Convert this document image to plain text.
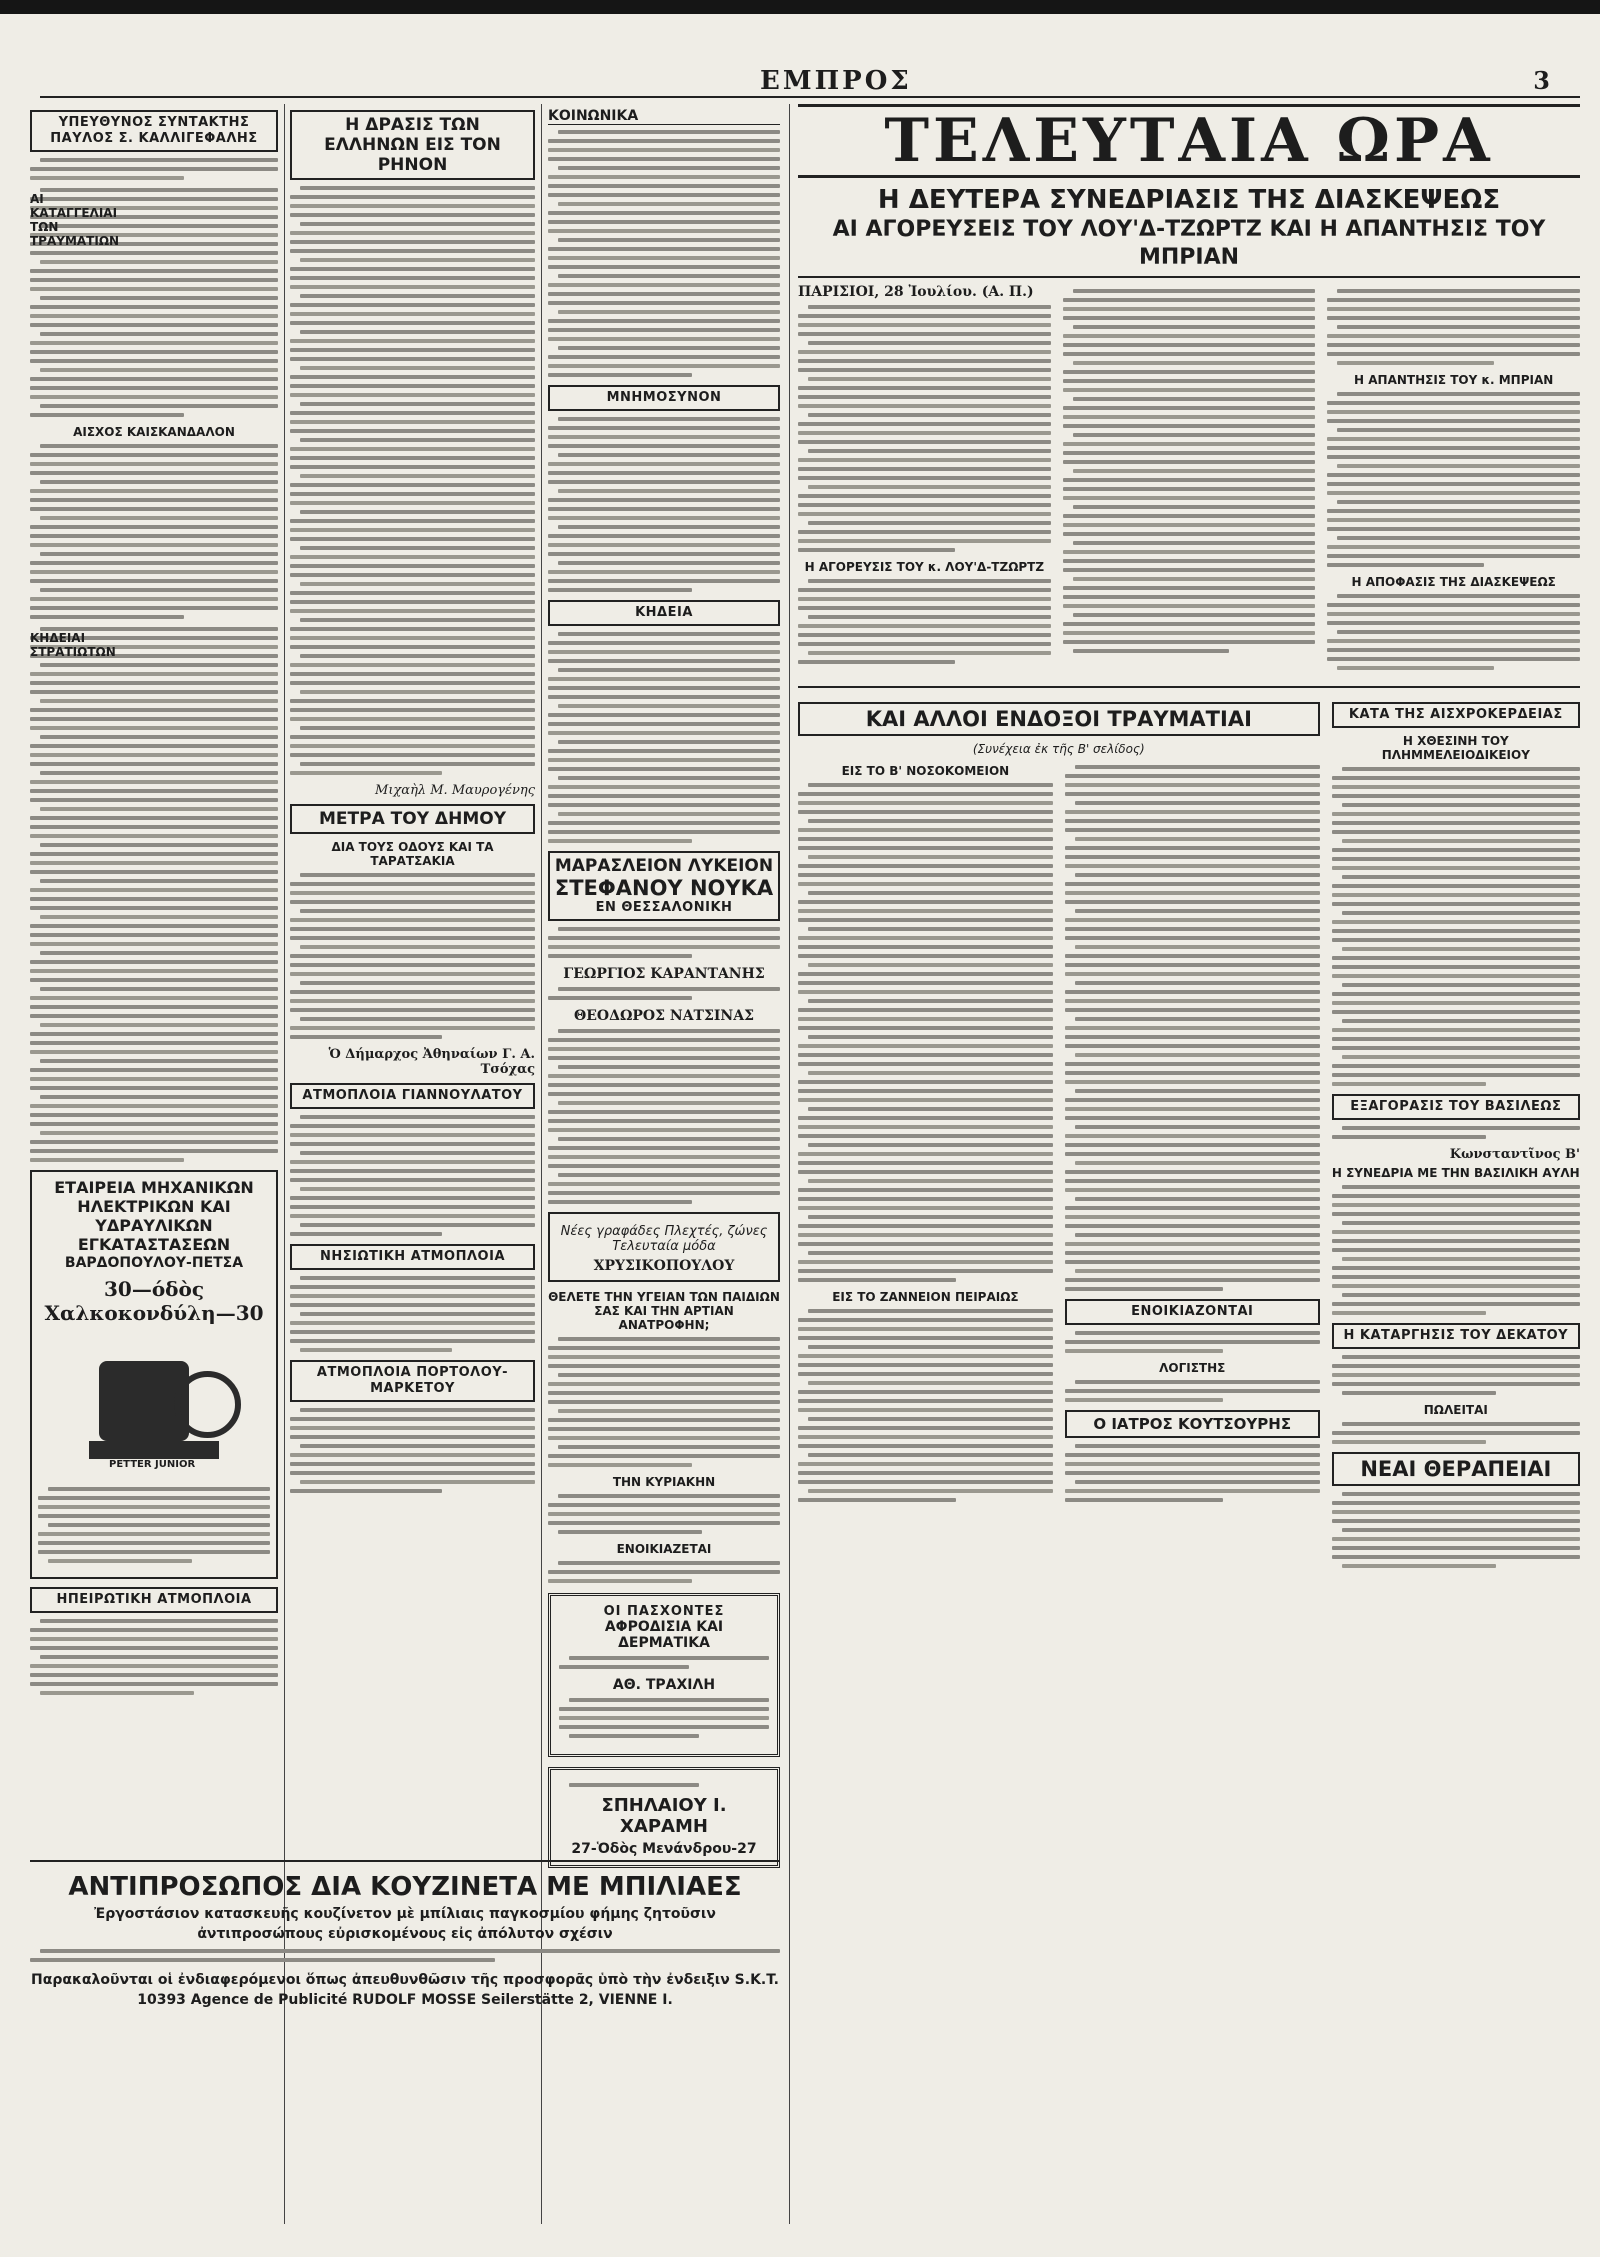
ΕΜΠΡΟΣ	3
ΥΠΕΥΘΥΝΟΣ ΣΥΝΤΑΚΤΗΣ ΠΑΥΛΟΣ Σ. ΚΑΛΛΙΓΕΦΑΛΗΣ
ΑΙ ΚΑΤΑΓΓΕΛΙΑΙ ΤΩΝ ΤΡΑΥΜΑΤΙΩΝ
ΑΙΣΧΟΣ ΚΑΙΣΚΑΝΔΑΛΟΝ
ΚΗΔΕΙΑΙ ΣΤΡΑΤΙΩΤΩΝ
ΕΤΑΙΡΕΙΑ ΜΗΧΑΝΙΚΩΝ ΗΛΕΚΤΡΙΚΩΝ ΚΑΙ ΥΔΡΑΥΛΙΚΩΝ ΕΓΚΑΤΑΣΤΑΣΕΩΝ
ΒΑΡΔΟΠΟΥΛΟΥ-ΠΕΤΣΑ
30—όδὸς Χαλκοκονδύλη—30
PETTER JUNIOR
ΗΠΕΙΡΩΤΙΚΗ ΑΤΜΟΠΛΟΙΑ
Η ΔΡΑΣΙΣ ΤΩΝ ΕΛΛΗΝΩΝ ΕΙΣ ΤΟΝ ΡΗΝΟΝ
Μιχαὴλ Μ. Μαυρογένης
ΜΕΤΡΑ ΤΟΥ ΔΗΜΟΥ
ΔΙΑ ΤΟΥΣ ΟΔΟΥΣ ΚΑΙ ΤΑ ΤΑΡΑΤΣΑΚΙΑ
Ὁ Δήμαρχος Ἀθηναίων Γ. Α. Τσόχας
ΑΤΜΟΠΛΟΙΑ ΓΙΑΝΝΟΥΛΑΤΟΥ
ΝΗΣΙΩΤΙΚΗ ΑΤΜΟΠΛΟΙΑ
ΑΤΜΟΠΛΟΙΑ ΠΟΡΤΟΛΟΥ-ΜΑΡΚΕΤΟΥ
ΚΟΙΝΩΝΙΚΑ
ΜΝΗΜΟΣΥΝΟΝ
ΚΗΔΕΙΑ
ΜΑΡΑΣΛΕΙΟΝ ΛΥΚΕΙΟΝ
ΣΤΕΦΑΝΟΥ ΝΟΥΚΑ
ΕΝ ΘΕΣΣΑΛΟΝΙΚΗ
ΓΕΩΡΓΙΟΣ ΚΑΡΑΝΤΑΝΗΣ
ΘΕΟΔΩΡΟΣ ΝΑΤΣΙΝΑΣ
Νέες γραφάδες Πλεχτές, ζώνες Τελευταία μόδα
ΧΡΥΣΙΚΟΠΟΥΛΟΥ
ΘΕΛΕΤΕ ΤΗΝ ΥΓΕΙΑΝ ΤΩΝ ΠΑΙΔΙΩΝ ΣΑΣ ΚΑΙ ΤΗΝ ΑΡΤΙΑΝ ΑΝΑΤΡΟΦΗΝ;
ΤΗΝ ΚΥΡΙΑΚΗΝ
ΕΝΟΙΚΙΑΖΕΤΑΙ
ΟΙ ΠΑΣΧΟΝΤΕΣ
ΑΦΡΟΔΙΣΙΑ ΚΑΙ ΔΕΡΜΑΤΙΚΑ
ΑΘ. ΤΡΑΧΙΛΗ
ΣΠΗΛΑΙΟΥ Ι. ΧΑΡΑΜΗ
27-Ὁδὸς Μενάνδρου-27
ΤΕΛΕΥΤΑΙΑ ΩΡΑ
Η ΔΕΥΤΕΡΑ ΣΥΝΕΔΡΙΑΣΙΣ ΤΗΣ ΔΙΑΣΚΕΨΕΩΣ
ΑΙ ΑΓΟΡΕΥΣΕΙΣ ΤΟΥ ΛΟΥ'Δ-ΤΖΩΡΤΖ ΚΑΙ Η ΑΠΑΝΤΗΣΙΣ ΤΟΥ ΜΠΡΙΑΝ
ΠΑΡΙΣΙΟΙ, 28 Ἰουλίου. (Α. Π.)
Η ΑΓΟΡΕΥΣΙΣ ΤΟΥ κ. ΛΟΥ'Δ-ΤΖΩΡΤΖ
Η ΑΠΑΝΤΗΣΙΣ ΤΟΥ κ. ΜΠΡΙΑΝ
Η ΑΠΟΦΑΣΙΣ ΤΗΣ ΔΙΑΣΚΕΨΕΩΣ
ΚΑΙ ΑΛΛΟΙ ΕΝΔΟΞΟΙ ΤΡΑΥΜΑΤΙΑΙ
(Συνέχεια ἐκ τῆς Β' σελίδος)
ΕΙΣ ΤΟ Β' ΝΟΣΟΚΟΜΕΙΟΝ
ΕΙΣ ΤΟ ΖΑΝΝΕΙΟΝ ΠΕΙΡΑΙΩΣ
ΕΝΟΙΚΙΑΖΟΝΤΑΙ
ΛΟΓΙΣΤΗΣ
Ο ΙΑΤΡΟΣ ΚΟΥΤΣΟΥΡΗΣ
ΚΑΤΑ ΤΗΣ ΑΙΣΧΡΟΚΕΡΔΕΙΑΣ
Η ΧΘΕΣΙΝΗ ΤΟΥ ΠΛΗΜΜΕΛΕΙΟΔΙΚΕΙΟΥ
ΕΞΑΓΟΡΑΣΙΣ ΤΟΥ ΒΑΣΙΛΕΩΣ
Κωνσταντῖνος Β'
Η ΣΥΝΕΔΡΙΑ ΜΕ ΤΗΝ ΒΑΣΙΛΙΚΗ ΑΥΛΗ
Η ΚΑΤΑΡΓΗΣΙΣ ΤΟΥ ΔΕΚΑΤΟΥ
ΠΩΛΕΙΤΑΙ
ΝΕΑΙ ΘΕΡΑΠΕΙΑΙ
ΑΝΤΙΠΡΟΣΩΠΟΣ ΔΙΑ ΚΟΥΖΙΝΕΤΑ ΜΕ ΜΠΙΛΙΑΕΣ
Ἐργοστάσιον κατασκευῆς κουζίνετον μὲ μπίλιαις παγκοσμίου φήμης ζητοῦσιν ἀντιπροσώπους εὐρισκομένους εἰς ἀπόλυτον σχέσιν
Παρακαλοῦνται οἱ ἐνδιαφερόμενοι ὅπως ἀπευθυνθῶσιν τῆς προσφορᾶς ὑπὸ τὴν ἐνδειξιν S.K.T. 10393 Agence de Publicité RUDOLF MOSSE Seilerstätte 2, VIENNE I.
